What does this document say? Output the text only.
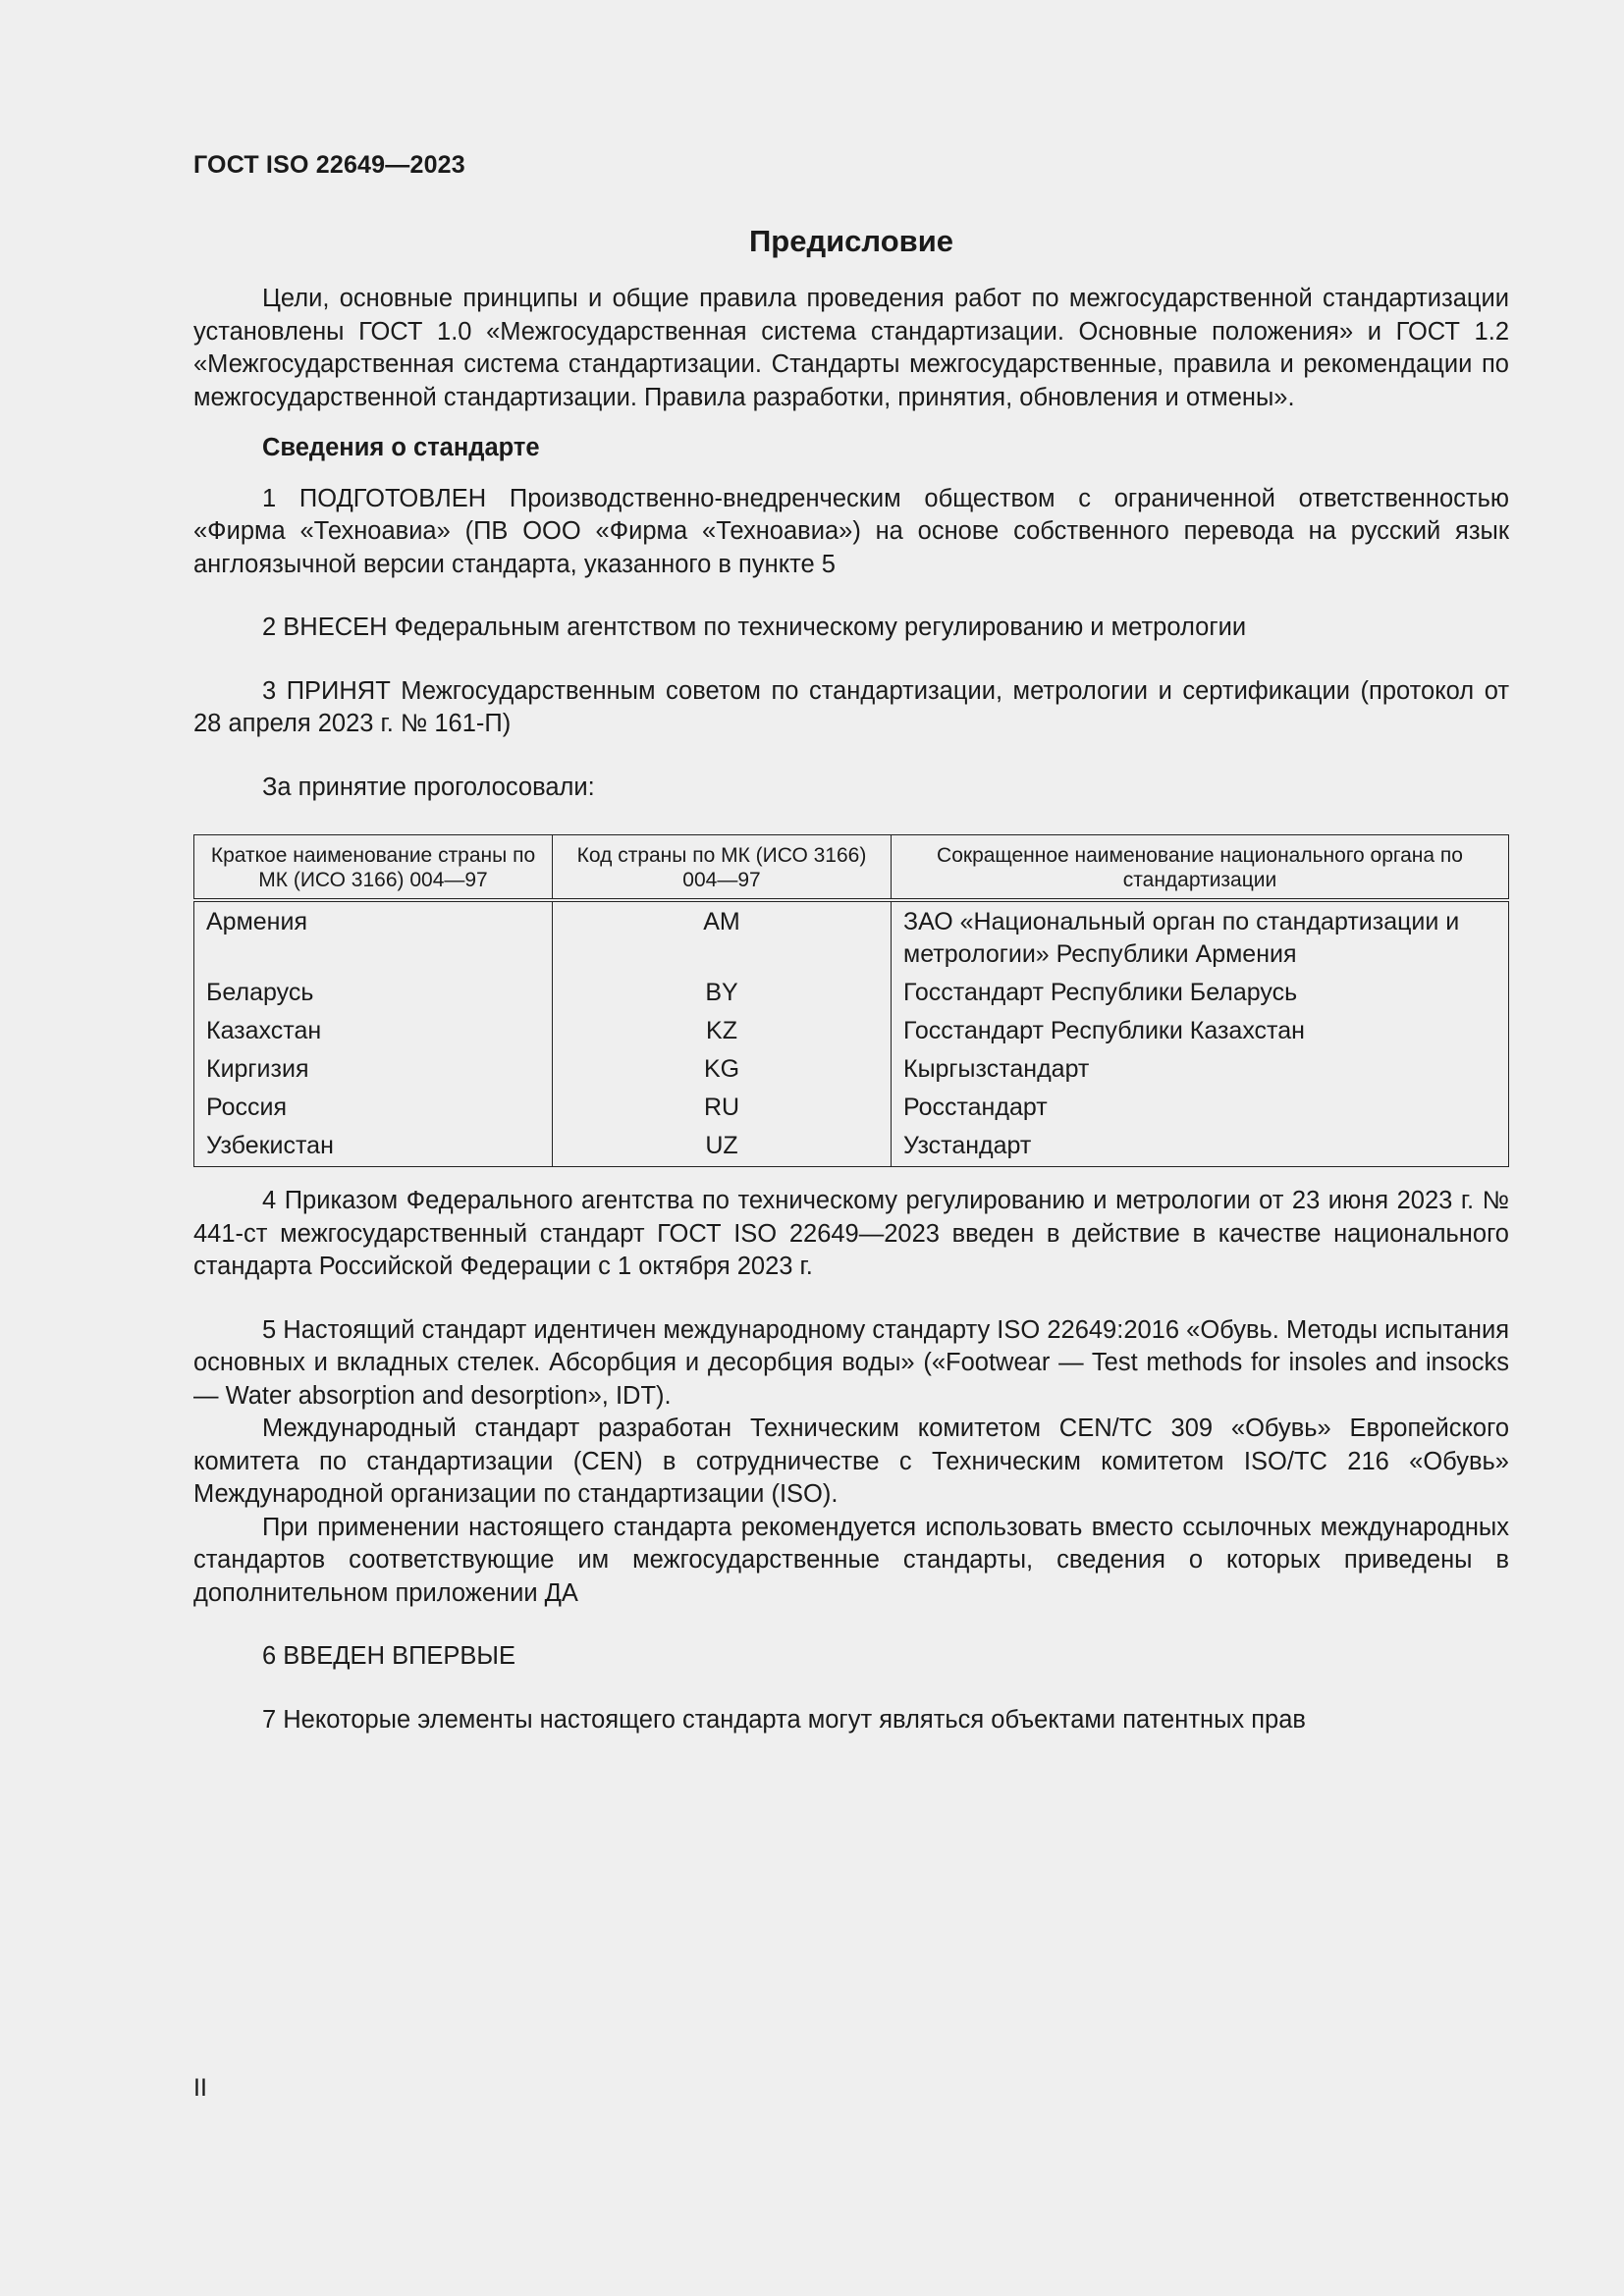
ГОСТ ISO 22649—2023
Предисловие

Цели, основные принципы и общие правила проведения работ по межгосударственной стандартизации установлены ГОСТ 1.0 «Межгосударственная система стандартизации. Основные положения» и ГОСТ 1.2 «Межгосударственная система стандартизации. Стандарты межгосударственные, правила и рекомендации по межгосударственной стандартизации. Правила разработки, принятия, обновления и отмены».

Сведения о стандарте

1 ПОДГОТОВЛЕН Производственно-внедренческим обществом с ограниченной ответственностью «Фирма «Техноавиа» (ПВ ООО «Фирма «Техноавиа») на основе собственного перевода на русский язык англоязычной версии стандарта, указанного в пункте 5

2 ВНЕСЕН Федеральным агентством по техническому регулированию и метрологии

3 ПРИНЯТ Межгосударственным советом по стандартизации, метрологии и сертификации (протокол от 28 апреля 2023 г. № 161-П)

За принятие проголосовали:

Краткое наименование страны по МК (ИСО 3166) 004—97	Код страны по МК (ИСО 3166) 004—97	Сокращенное наименование национального органа по стандартизации
Армения	AM	ЗАО «Национальный орган по стандартизации и метрологии» Республики Армения
Беларусь	BY	Госстандарт Республики Беларусь
Казахстан	KZ	Госстандарт Республики Казахстан
Киргизия	KG	Кыргызстандарт
Россия	RU	Росстандарт
Узбекистан	UZ	Узстандарт

4 Приказом Федерального агентства по техническому регулированию и метрологии от 23 июня 2023 г. № 441-ст межгосударственный стандарт ГОСТ ISO 22649—2023 введен в действие в качестве национального стандарта Российской Федерации с 1 октября 2023 г.

5 Настоящий стандарт идентичен международному стандарту ISO 22649:2016 «Обувь. Методы испытания основных и вкладных стелек. Абсорбция и десорбция воды» («Footwear — Test methods for insoles and insocks — Water absorption and desorption», IDT).

Международный стандарт разработан Техническим комитетом CEN/TC 309 «Обувь» Европейского комитета по стандартизации (CEN) в сотрудничестве с Техническим комитетом ISO/TC 216 «Обувь» Международной организации по стандартизации (ISO).

При применении настоящего стандарта рекомендуется использовать вместо ссылочных международных стандартов соответствующие им межгосударственные стандарты, сведения о которых приведены в дополнительном приложении ДА

6 ВВЕДЕН ВПЕРВЫЕ

7 Некоторые элементы настоящего стандарта могут являться объектами патентных прав

II
